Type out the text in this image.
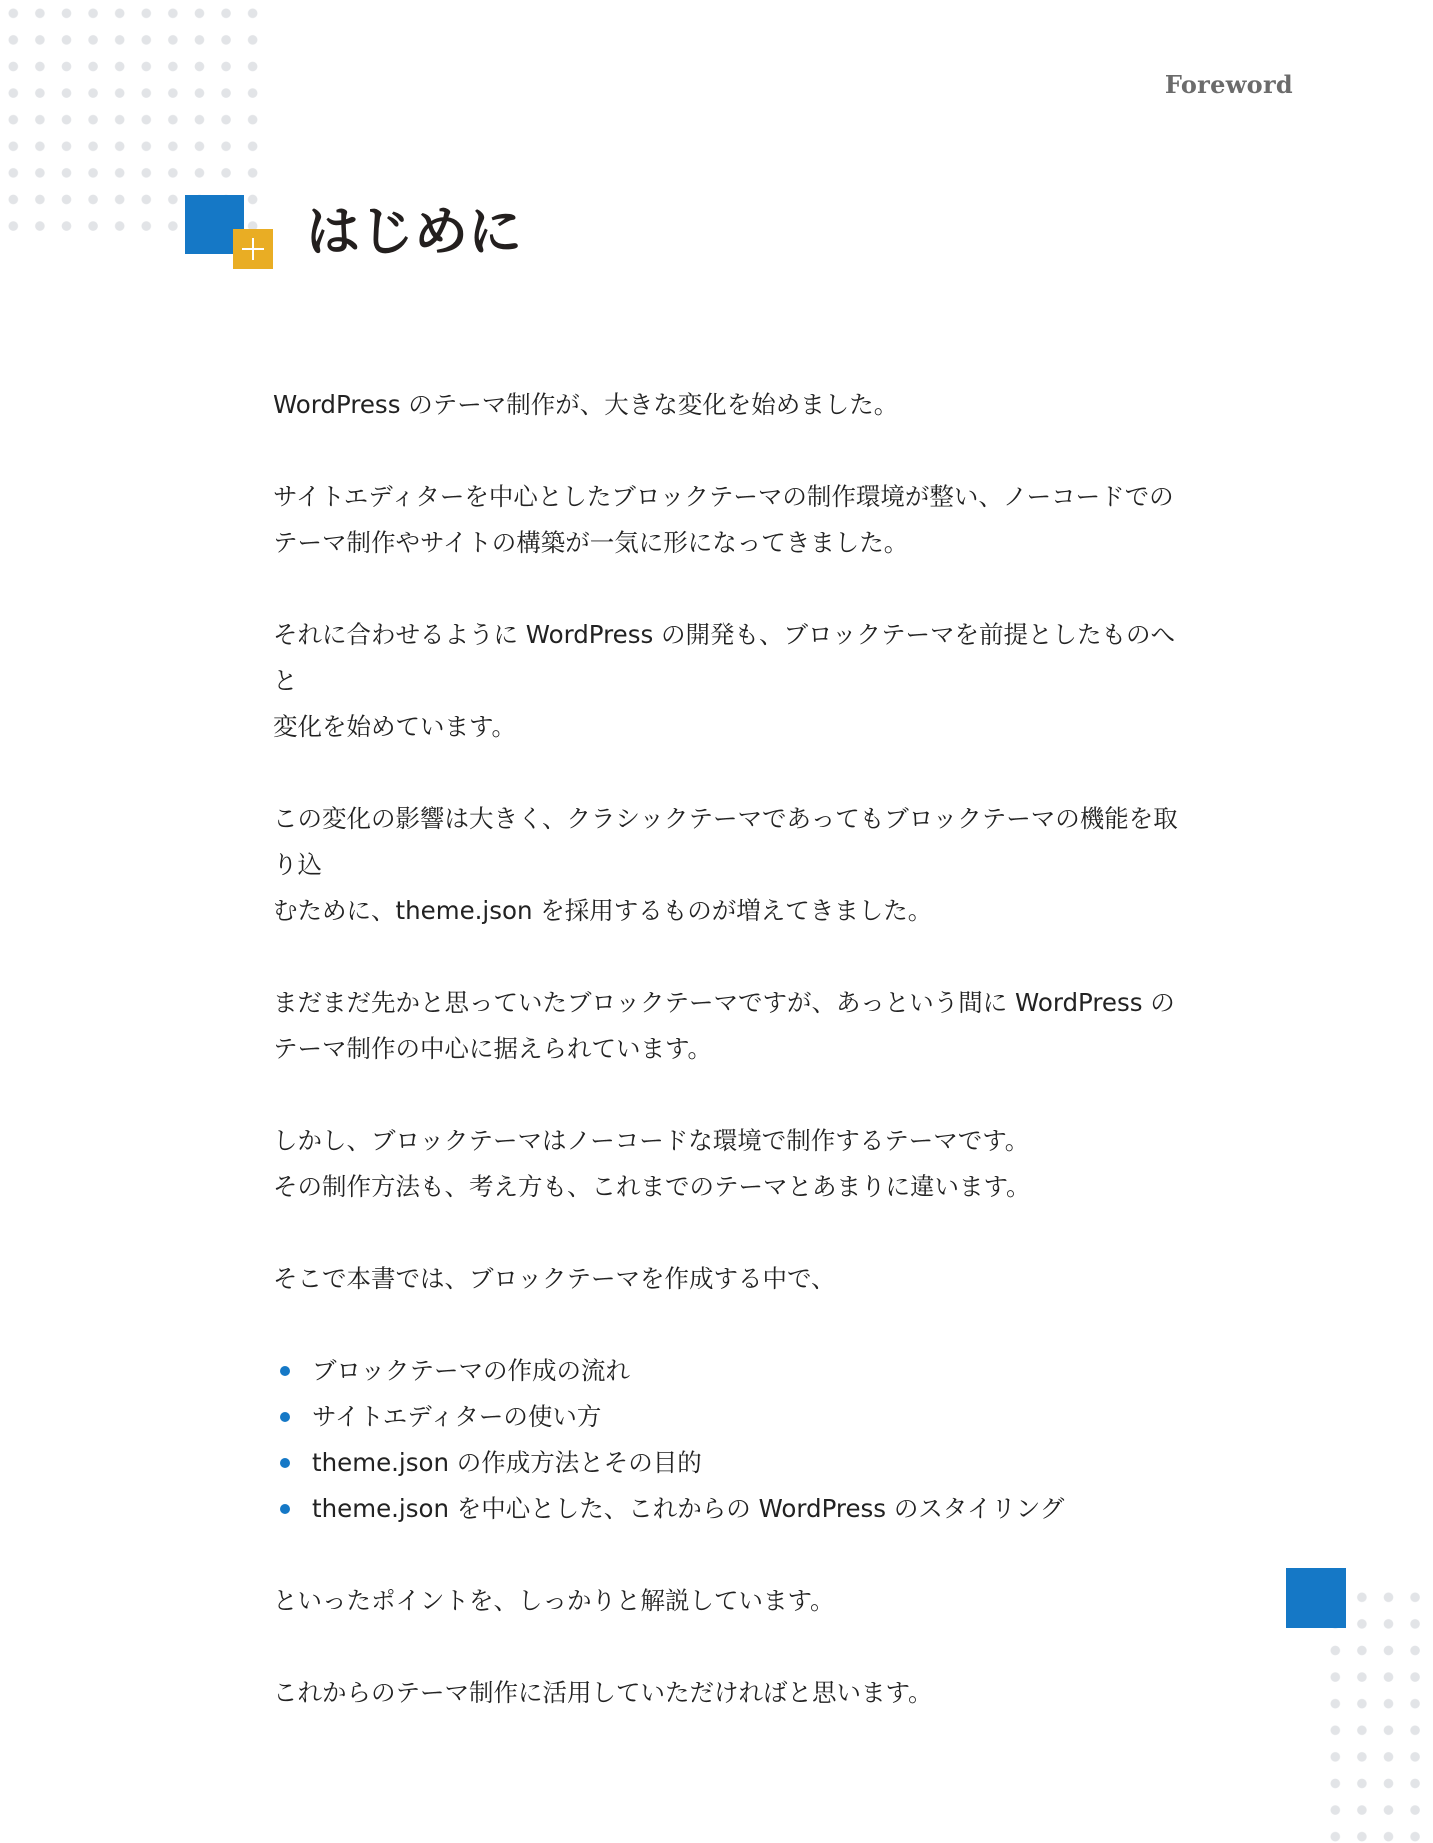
Foreword
はじめに

WordPress のテーマ制作が、大きな変化を始めました。

サイトエディターを中心としたブロックテーマの制作環境が整い、ノーコードでの
テーマ制作やサイトの構築が一気に形になってきました。

それに合わせるように WordPress の開発も、ブロックテーマを前提としたものへと
変化を始めています。

この変化の影響は大きく、クラシックテーマであってもブロックテーマの機能を取り込
むために、theme.json を採用するものが増えてきました。

まだまだ先かと思っていたブロックテーマですが、あっという間に WordPress の
テーマ制作の中心に据えられています。

しかし、ブロックテーマはノーコードな環境で制作するテーマです。
その制作方法も、考え方も、これまでのテーマとあまりに違います。

そこで本書では、ブロックテーマを作成する中で、

ブロックテーマの作成の流れ
サイトエディターの使い方
theme.json の作成方法とその目的
theme.json を中心とした、これからの WordPress のスタイリング

といったポイントを、しっかりと解説しています。

これからのテーマ制作に活用していただければと思います。
